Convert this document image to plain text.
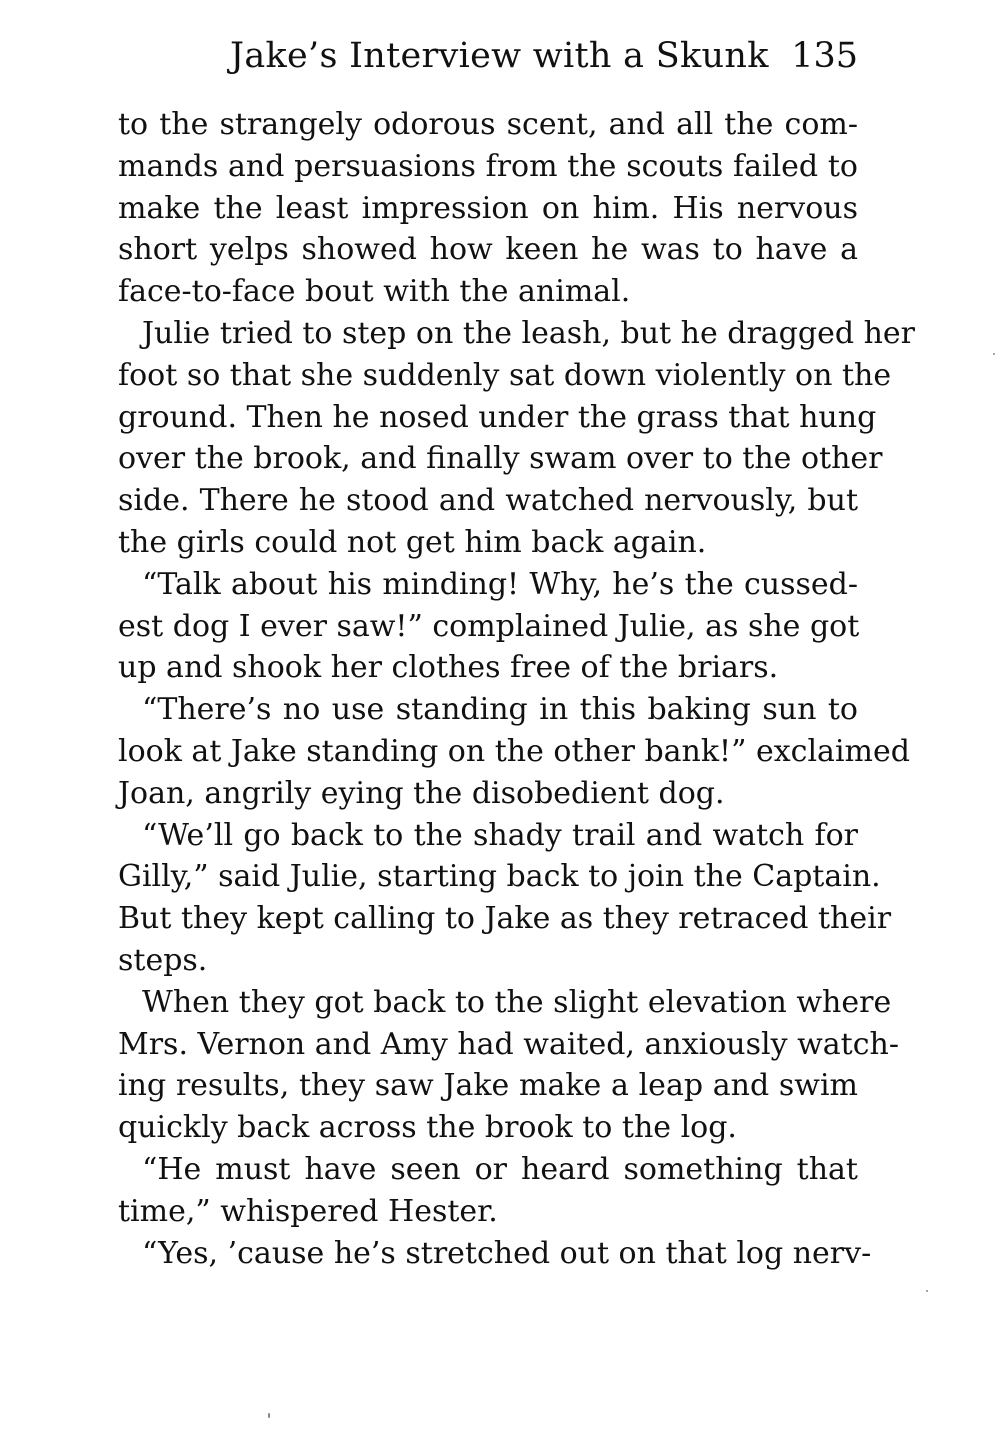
Jake’s Interview with a Skunk 135
to the strangely odorous scent, and all the com-
mands and persuasions from the scouts failed to
make the least impression on him. His nervous
short yelps showed how keen he was to have a
face-to-face bout with the animal.
Julie tried to step on the leash, but he dragged her
foot so that she suddenly sat down violently on the
ground. Then he nosed under the grass that hung
over the brook, and finally swam over to the other
side. There he stood and watched nervously, but
the girls could not get him back again.
“Talk about his minding! Why, he’s the cussed-
est dog I ever saw!” complained Julie, as she got
up and shook her clothes free of the briars.
“There’s no use standing in this baking sun to
look at Jake standing on the other bank!” exclaimed
Joan, angrily eying the disobedient dog.
“We’ll go back to the shady trail and watch for
Gilly,” said Julie, starting back to join the Captain.
But they kept calling to Jake as they retraced their
steps.
When they got back to the slight elevation where
Mrs. Vernon and Amy had waited, anxiously watch-
ing results, they saw Jake make a leap and swim
quickly back across the brook to the log.
“He must have seen or heard something that
time,” whispered Hester.
“Yes, ’cause he’s stretched out on that log nerv-
